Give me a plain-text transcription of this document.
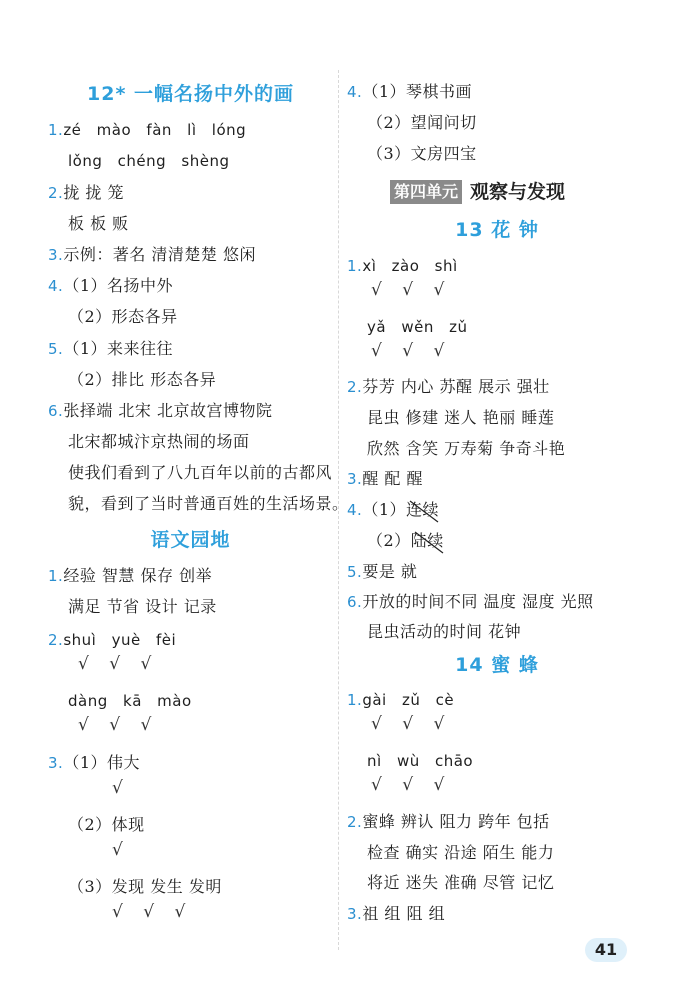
12* 一幅名扬中外的画
1.zé mào fàn lì lóng
lǒng chéng shèng
2.拢 拢 笼
板 板 贩
3.示例：著名 清清楚楚 悠闲
4.（1）名扬中外
（2）形态各异
5.（1）来来往往
（2）排比 形态各异
6.张择端 北宋 北京故宫博物院
北宋都城汴京热闹的场面
使我们看到了八九百年以前的古都风
貌，看到了当时普通百姓的生活场景。
语文园地
1.经验 智慧 保存 创举
满足 节省 设计 记录
2.shuì yuè fèi
√ √ √
dàng kā mào
√ √ √
3.（1）伟大
√
（2）体现
√
（3）发现 发生 发明
√ √ √
4.（1）琴棋书画
（2）望闻问切
（3）文房四宝
第四单元 观察与发现
13 花 钟
1.xì zào shì
√ √ √
yǎ wěn zǔ
√ √ √
2.芬芳 内心 苏醒 展示 强壮
昆虫 修建 迷人 艳丽 睡莲
欣然 含笑 万寿菊 争奇斗艳
3.醒 配 醒
4.（1）连续
（2）陆续
5.要是 就
6.开放的时间不同 温度 湿度 光照
昆虫活动的时间 花钟
14 蜜 蜂
1.gài zǔ cè
√ √ √
nì wù chāo
√ √ √
2.蜜蜂 辨认 阻力 跨年 包括
检查 确实 沿途 陌生 能力
将近 迷失 准确 尽管 记忆
3.祖 组 阻 组
41
